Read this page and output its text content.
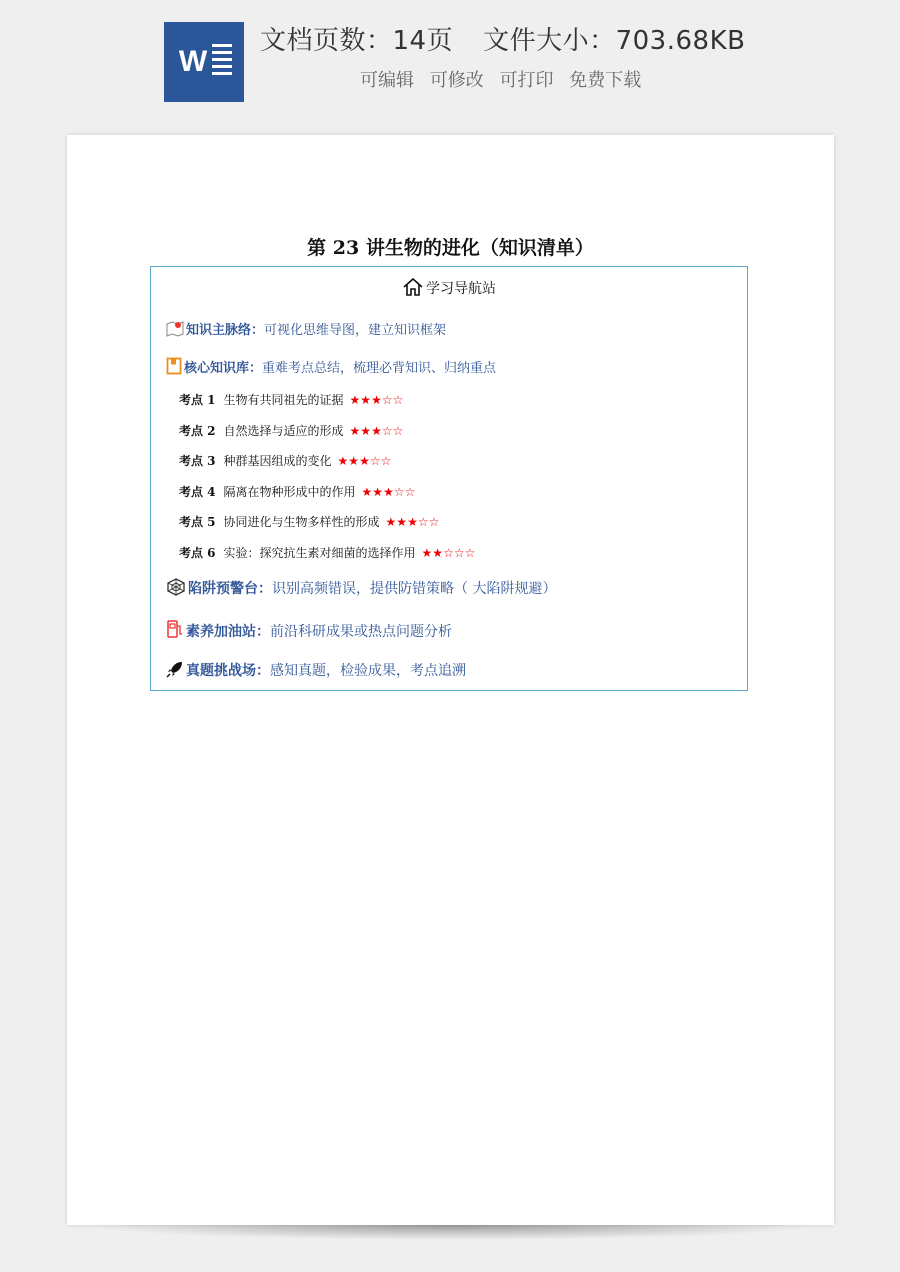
W
文档页数：14页 文件大小：703.68KB
可编辑 可修改 可打印 免费下载
第 23 讲生物的进化（知识清单）
学习导航站
知识主脉络：可视化思维导图，建立知识框架
核心知识库：重难考点总结，梳理必背知识、归纳重点
考点 1 生物有共同祖先的证据 ★★★☆☆
考点 2 自然选择与适应的形成 ★★★☆☆
考点 3 种群基因组成的变化 ★★★☆☆
考点 4 隔离在物种形成中的作用 ★★★☆☆
考点 5 协同进化与生物多样性的形成 ★★★☆☆
考点 6 实验：探究抗生素对细菌的选择作用 ★★☆☆☆
陷阱预警台：识别高频错误，提供防错策略（ 大陷阱规避）
素养加油站：前沿科研成果或热点问题分析
真题挑战场：感知真题，检验成果，考点追溯
